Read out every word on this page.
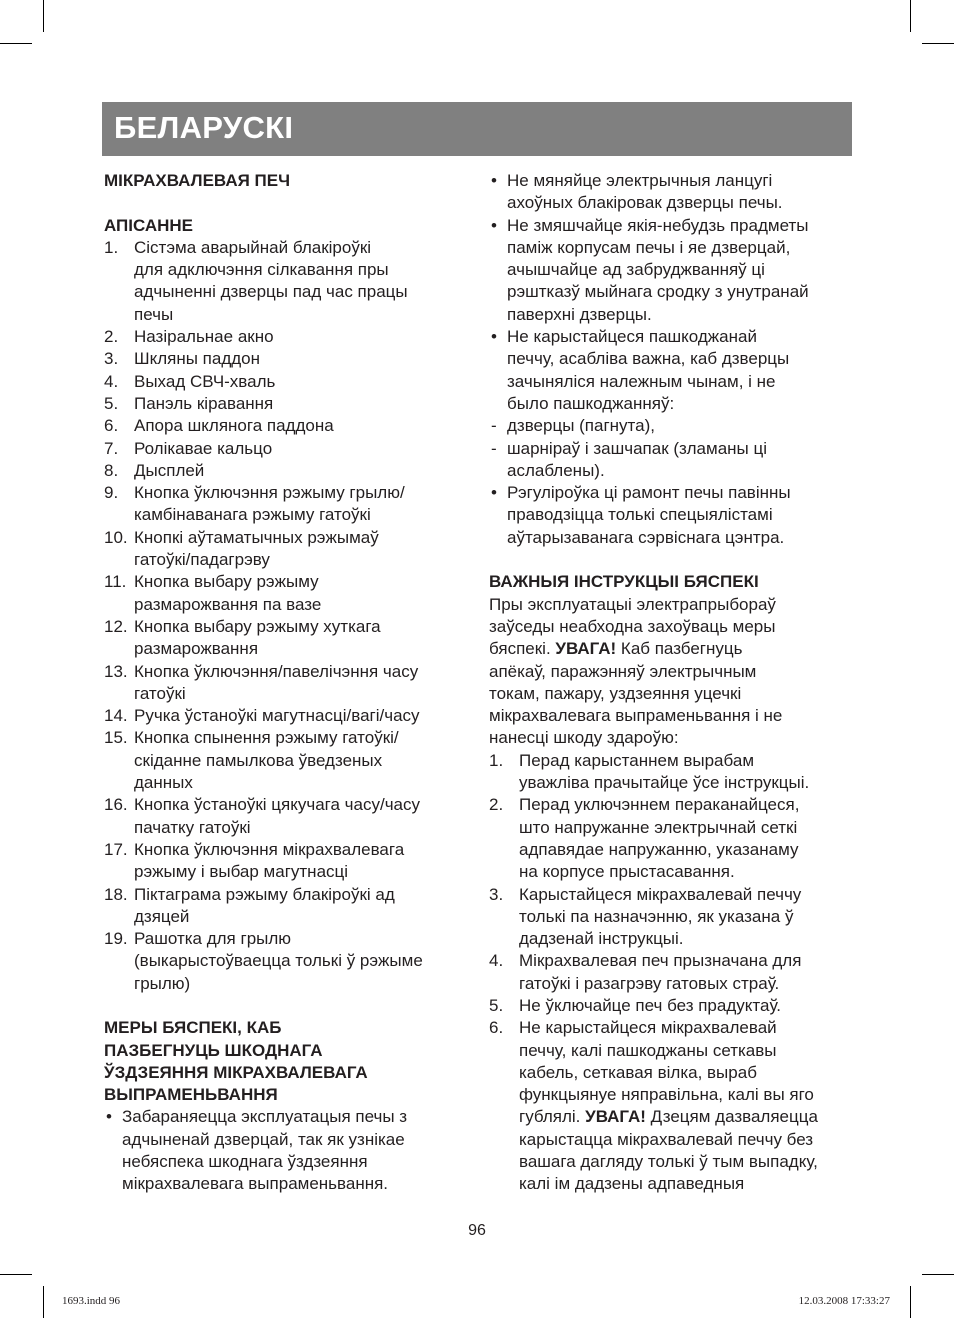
БЕЛАРУСКІ
МІКРАХВАЛЕВАЯ ПЕЧ
АПІСАННЕ
1. Сістэма аварыйнай блакіроўкі
для адключэння сілкавання пры
адчыненні дзверцы пад час працы
печы
2. Назіральнае акно
3. Шкляны паддон
4. Выхад СВЧ-хваль
5. Панэль кіравання
6. Апора шклянога паддона
7. Ролікавае кальцо
8. Дысплей
9. Кнопка ўключэння рэжыму грылю/
камбінаванага рэжыму гатоўкі
10. Кнопкі аўтаматычных рэжымаў
гатоўкі/падагрэву
11. Кнопка выбару рэжыму
размарожвання па вазе
12. Кнопка выбару рэжыму хуткага
размарожвання
13. Кнопка ўключэння/павелічэння часу
гатоўкі
14. Ручка ўстаноўкі магутнасці/вагі/часу
15. Кнопка спынення рэжыму гатоўкі/
скіданне памылкова ўведзеных
данных
16. Кнопка ўстаноўкі цякучага часу/часу
пачатку гатоўкі
17. Кнопка ўключэння мікрахвалевага
рэжыму і выбар магутнасці
18. Піктаграма рэжыму блакіроўкі ад
дзяцей
19. Рашотка для грылю
(выкарыстоўваецца толькі ў рэжыме
грылю)
МЕРЫ БЯСПЕКІ, КАБ
ПАЗБЕГНУЦЬ ШКОДНАГА
ЎЗДЗЕЯННЯ МІКРАХВАЛЕВАГА
ВЫПРАМЕНЬВАННЯ
• Забараняецца эксплуатацыя печы з
адчыненай дзверцай, так як узнікае
небяспека шкоднага ўздзеяння
мікрахвалевага выпраменьвання.
• Не мяняйце электрычныя ланцугі
ахоўных блакіровак дзверцы печы.
• Не змяшчайце якія-небудзь прадметы
паміж корпусам печы і яе дзверцай,
ачышчайце ад забруджванняў ці
рэштказў мыйнага сродку з унутранай
паверхні дзверцы.
• Не карыстайцеся пашкоджанай
печчу, асабліва важна, каб дзверцы
зачыняліся належным чынам, і не
было пашкоджанняў:
- дзверцы (пагнута),
- шарніраў і зашчапак (зламаны ці
аслаблены).
• Рэгуліроўка ці рамонт печы павінны
праводзіцца толькі спецыялістамі
аўтарызаванага сэрвіснага цэнтра.
ВАЖНЫЯ ІНСТРУКЦЫІ БЯСПЕКІ
Пры эксплуатацыі электрапрыбораў
заўседы неабходна захоўваць меры
бяспекі. УВАГА! Каб пазбегнуць
апёкаў, паражэнняў электрычным
токам, пажару, уздзеяння уцечкі
мікрахвалевага выпраменьвання і не
нанесці шкоду здароўю:
1. Перад карыстаннем вырабам
уважліва прачытайце ўсе інструкцыі.
2. Перад уключэннем пераканайцеся,
што напружанне электрычнай сеткі
адпавядае напружанню, указанаму
на корпусе прыстасавання.
3. Карыстайцеся мікрахвалевай печчу
толькі па назначэнню, як указана ў
дадзенай інструкцыі.
4. Мікрахвалевая печ прызначана для
гатоўкі і разагрэву гатовых страў.
5. Не ўключайце печ без прадуктаў.
6. Не карыстайцеся мікрахвалевай
печчу, калі пашкоджаны сеткавы
кабель, сеткавая вілка, выраб
функцыянуе няправільна, калі вы яго
гублялі. УВАГА! Дзецям дазваляецца
карыстацца мікрахвалевай печчу без
вашага дагляду толькі ў тым выпадку,
калі ім дадзены адпаведныя
96
1693.indd 96	12.03.2008 17:33:27
